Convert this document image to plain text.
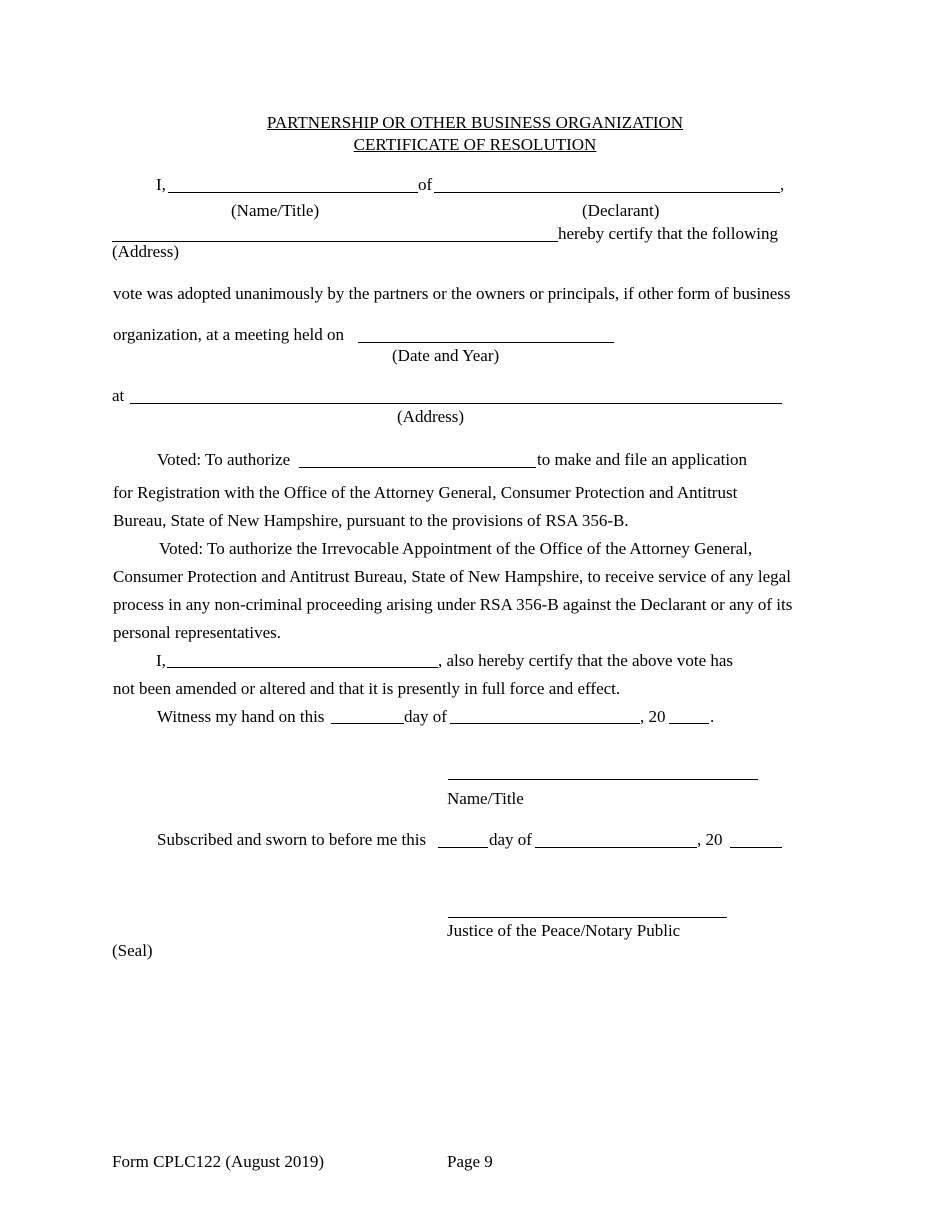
PARTNERSHIP OR OTHER BUSINESS ORGANIZATION
CERTIFICATE OF RESOLUTION
I,	of	,
(Name/Title)	(Declarant)
hereby certify that the following
(Address)
vote was adopted unanimously by the partners or the owners or principals, if other form of business
organization, at a meeting held on
(Date and Year)
at
(Address)
Voted: To authorize	to make and file an application
for Registration with the Office of the Attorney General, Consumer Protection and Antitrust
Bureau, State of New Hampshire, pursuant to the provisions of RSA 356-B.
Voted: To authorize the Irrevocable Appointment of the Office of the Attorney General,
Consumer Protection and Antitrust Bureau, State of New Hampshire, to receive service of any legal
process in any non-criminal proceeding arising under RSA 356-B against the Declarant or any of its
personal representatives.
I,	, also hereby certify that the above vote has
not been amended or altered and that it is presently in full force and effect.
Witness my hand on this	day of	, 20	.
Name/Title
Subscribed and sworn to before me this	day of	, 20
Justice of the Peace/Notary Public
(Seal)
Form CPLC122 (August 2019)	Page 9
